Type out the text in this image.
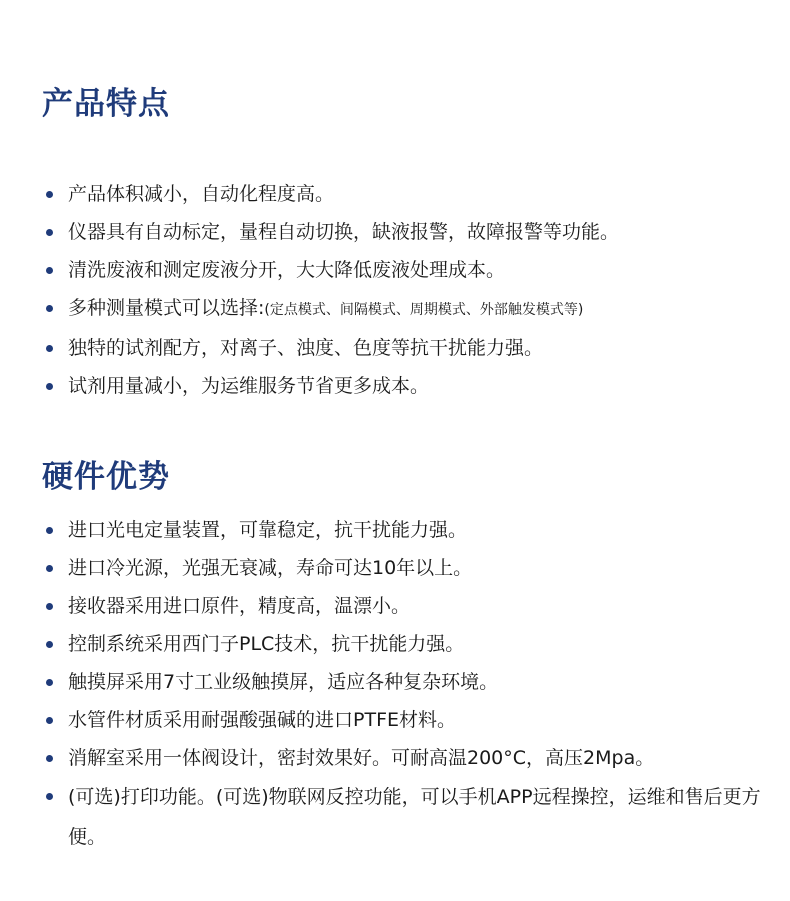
产品特点
产品体积减小，自动化程度高。
仪器具有自动标定，量程自动切换，缺液报警，故障报警等功能。
清洗废液和测定废液分开，大大降低废液处理成本。
多种测量模式可以选择:(定点模式、间隔模式、周期模式、外部触发模式等)
独特的试剂配方，对离子、浊度、色度等抗干扰能力强。
试剂用量减小，为运维服务节省更多成本。
硬件优势
进口光电定量装置，可靠稳定，抗干扰能力强。
进口冷光源，光强无衰减，寿命可达10年以上。
接收器采用进口原件，精度高，温漂小。
控制系统采用西门子PLC技术，抗干扰能力强。
触摸屏采用7寸工业级触摸屏，适应各种复杂环境。
水管件材质采用耐强酸强碱的进口PTFE材料。
消解室采用一体阀设计，密封效果好。可耐高温200°C，高压2Mpa。
(可选)打印功能。(可选)物联网反控功能，可以手机APP远程操控，运维和售后更方便。
